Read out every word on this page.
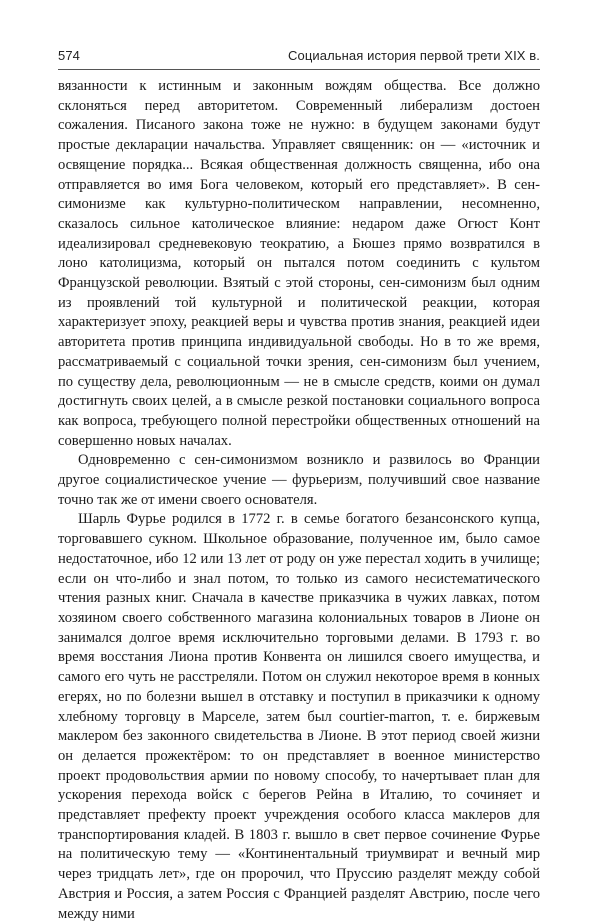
574	Социальная история первой трети XIX в.

вязанности к истинным и законным вождям общества. Все должно склоняться перед авторитетом. Современный либерализм достоен сожаления. Писаного закона тоже не нужно: в будущем законами будут простые декларации начальства. Управляет священник: он — «источник и освящение порядка... Всякая общественная должность священна, ибо она отправляется во имя Бога человеком, который его представляет». В сен-симонизме как культурно-политическом направлении, несомненно, сказалось сильное католическое влияние: недаром даже Огюст Конт идеализировал средневековую теократию, а Бюшез прямо возвратился в лоно католицизма, который он пытался потом соединить с культом Французской революции. Взятый с этой стороны, сен-симонизм был одним из проявлений той культурной и политической реакции, которая характеризует эпоху, реакцией веры и чувства против знания, реакцией идеи авторитета против принципа индивидуальной свободы. Но в то же время, рассматриваемый с социальной точки зрения, сен-симонизм был учением, по существу дела, революционным — не в смысле средств, коими он думал достигнуть своих целей, а в смысле резкой постановки социального вопроса как вопроса, требующего полной перестройки общественных отношений на совершенно новых началах.

Одновременно с сен-симонизмом возникло и развилось во Франции другое социалистическое учение — фурьеризм, получивший свое название точно так же от имени своего основателя.

Шарль Фурье родился в 1772 г. в семье богатого безансонского купца, торговавшего сукном. Школьное образование, полученное им, было самое недостаточное, ибо 12 или 13 лет от роду он уже перестал ходить в училище; если он что-либо и знал потом, то только из самого несистематического чтения разных книг. Сначала в качестве приказчика в чужих лавках, потом хозяином своего собственного магазина колониальных товаров в Лионе он занимался долгое время исключительно торговыми делами. В 1793 г. во время восстания Лиона против Конвента он лишился своего имущества, и самого его чуть не расстреляли. Потом он служил некоторое время в конных егерях, но по болезни вышел в отставку и поступил в приказчики к одному хлебному торговцу в Марселе, затем был courtier-marron, т. е. биржевым маклером без законного свидетельства в Лионе. В этот период своей жизни он делается прожектёром: то он представляет в военное министерство проект продовольствия армии по новому способу, то начертывает план для ускорения перехода войск с берегов Рейна в Италию, то сочиняет и представляет префекту проект учреждения особого класса маклеров для транспортирования кладей. В 1803 г. вышло в свет первое сочинение Фурье на политическую тему — «Континентальный триумвират и вечный мир через тридцать лет», где он пророчил, что Пруссию разделят между собой Австрия и Россия, а затем Россия с Францией разделят Австрию, после чего между ними
